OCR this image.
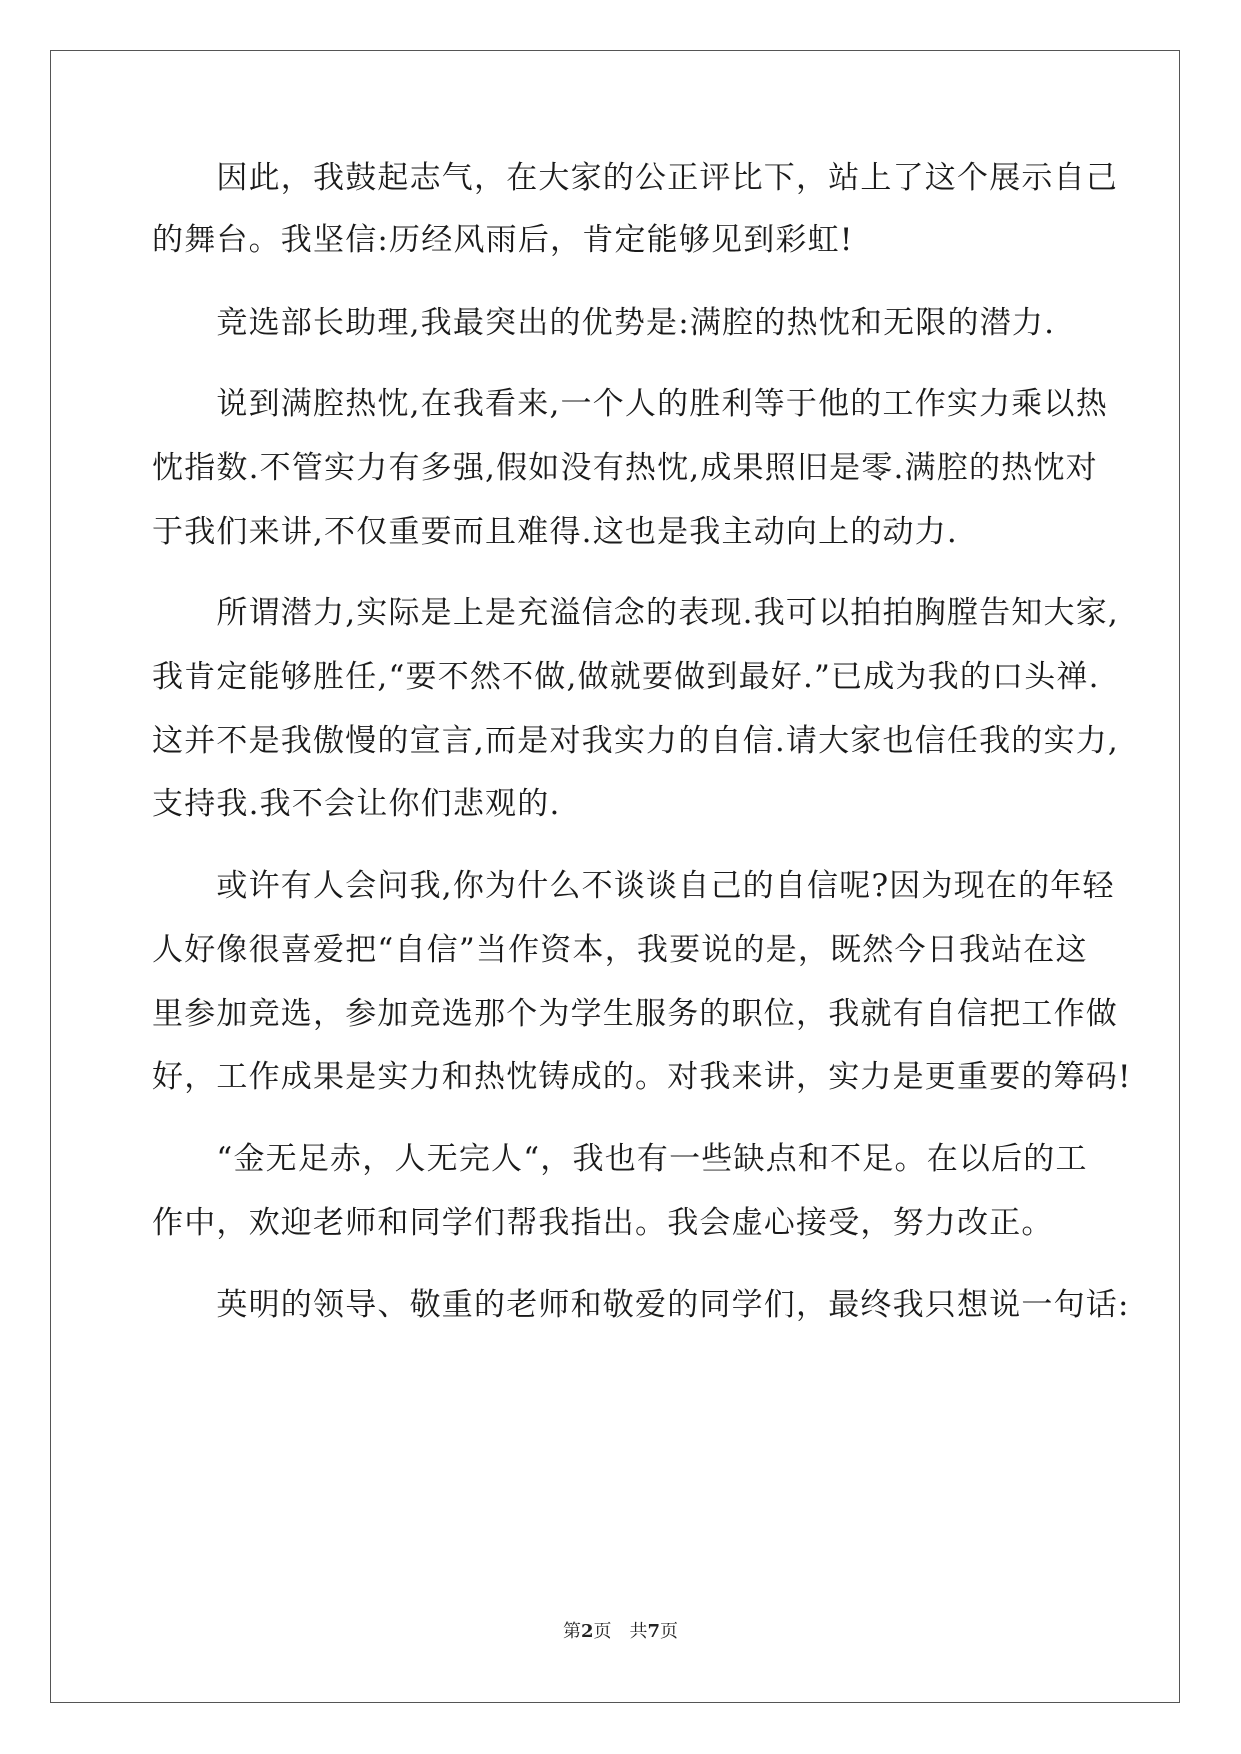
　　因此，我鼓起志气，在大家的公正评比下，站上了这个展示自己
的舞台。我坚信:历经风雨后，肯定能够见到彩虹!
　　竞选部长助理,我最突出的优势是:满腔的热忱和无限的潜力.
　　说到满腔热忱,在我看来,一个人的胜利等于他的工作实力乘以热
忱指数.不管实力有多强,假如没有热忱,成果照旧是零.满腔的热忱对
于我们来讲,不仅重要而且难得.这也是我主动向上的动力.
　　所谓潜力,实际是上是充溢信念的表现.我可以拍拍胸膛告知大家,
我肯定能够胜任,“要不然不做,做就要做到最好.”已成为我的口头禅.
这并不是我傲慢的宣言,而是对我实力的自信.请大家也信任我的实力,
支持我.我不会让你们悲观的.
　　或许有人会问我,你为什么不谈谈自己的自信呢?因为现在的年轻
人好像很喜爱把“自信”当作资本，我要说的是，既然今日我站在这
里参加竞选，参加竞选那个为学生服务的职位，我就有自信把工作做
好，工作成果是实力和热忱铸成的。对我来讲，实力是更重要的筹码!
　　“金无足赤，人无完人“，我也有一些缺点和不足。在以后的工
作中，欢迎老师和同学们帮我指出。我会虚心接受，努力改正。
　　英明的领导、敬重的老师和敬爱的同学们，最终我只想说一句话:
第2页　共7页
